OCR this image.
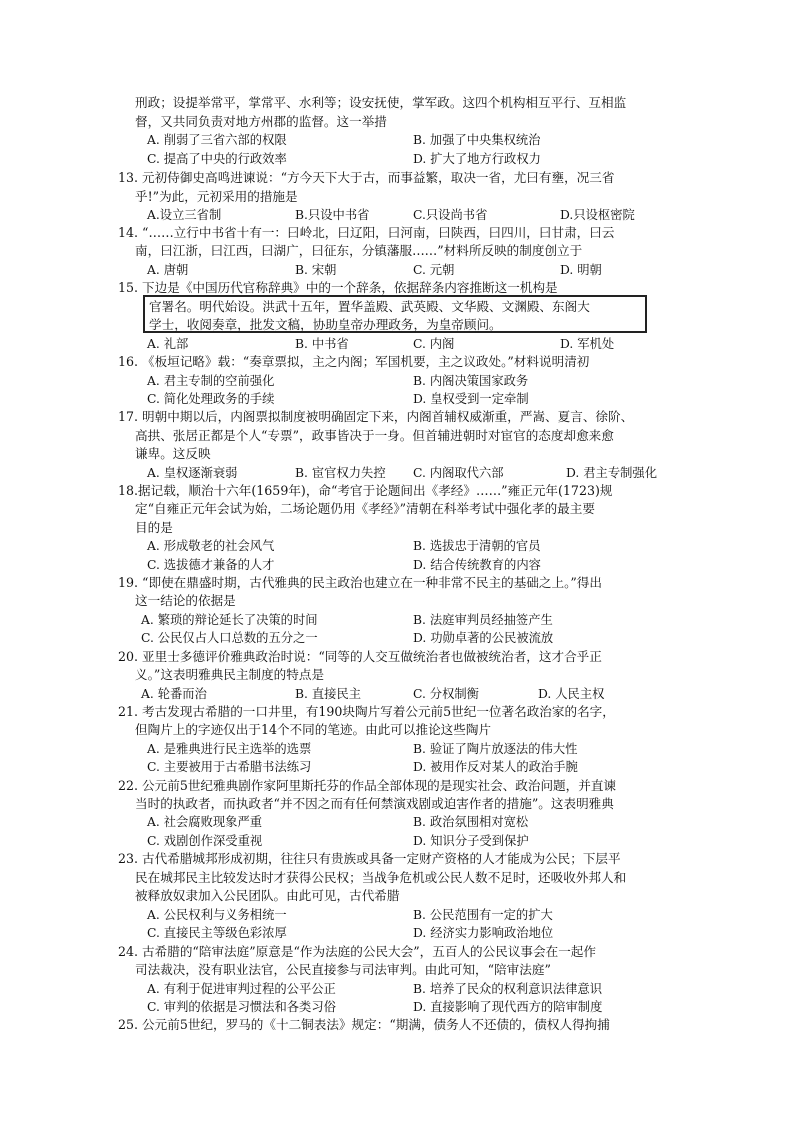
刑政；设提举常平，掌常平、水利等；设安抚使，掌军政。这四个机构相互平行、互相监
督，又共同负责对地方州郡的监督。这一举措
13. 元初侍御史高鸣进谏说：“方今天下大于古，而事益繁，取决一省，尤曰有壅，况三省
乎!”为此，元初采用的措施是
14. “……立行中书省十有一：曰岭北，曰辽阳，曰河南，曰陕西，曰四川，曰甘肃，曰云
南，曰江浙，曰江西，曰湖广，曰征东，分镇藩服……”材料所反映的制度创立于
15. 下边是《中国历代官称辞典》中的一个辞条，依据辞条内容推断这一机构是
官署名。明代始设。洪武十五年，置华盖殿、武英殿、文华殿、文渊殿、东阁大
学士，收阅奏章，批发文稿，协助皇帝办理政务，为皇帝顾问。
16. 《板垣记略》载：“奏章票拟，主之内阁；军国机要，主之议政处。”材料说明清初
17. 明朝中期以后，内阁票拟制度被明确固定下来，内阁首辅权威渐重，严嵩、夏言、徐阶、
高拱、张居正都是个人“专票”，政事皆决于一身。但首辅进朝时对宦官的态度却愈来愈
谦卑。这反映
18.据记载，顺治十六年(1659年)，命“考官于论题间出《孝经》……”雍正元年(1723)规
定“自雍正元年会试为始，二场论题仍用《孝经》”清朝在科举考试中强化孝的最主要
目的是
19. “即使在鼎盛时期，古代雅典的民主政治也建立在一种非常不民主的基础之上。”得出
这一结论的依据是
20. 亚里士多德评价雅典政治时说：“同等的人交互做统治者也做被统治者，这才合乎正
义。”这表明雅典民主制度的特点是
21. 考古发现古希腊的一口井里，有190块陶片写着公元前5世纪一位著名政治家的名字，
但陶片上的字迹仅出于14个不同的笔迹。由此可以推论这些陶片
22. 公元前5世纪雅典剧作家阿里斯托芬的作品全部体现的是现实社会、政治问题，并直谏
当时的执政者，而执政者“并不因之而有任何禁演戏剧或迫害作者的措施”。这表明雅典
23. 古代希腊城邦形成初期，往往只有贵族或具备一定财产资格的人才能成为公民；下层平
民在城邦民主比较发达时才获得公民权；当战争危机或公民人数不足时，还吸收外邦人和
被释放奴隶加入公民团队。由此可见，古代希腊
24. 古希腊的“陪审法庭”原意是“作为法庭的公民大会”，五百人的公民议事会在一起作
司法裁决，没有职业法官，公民直接参与司法审判。由此可知，“陪审法庭”
25. 公元前5世纪，罗马的《十二铜表法》规定：“期满，债务人不还债的，债权人得拘捕
A. 削弱了三省六部的权限	B. 加强了中央集权统治
C. 提高了中央的行政效率	D. 扩大了地方行政权力
A.设立三省制	B.只设中书省	C.只设尚书省	D.只设枢密院
A. 唐朝	B. 宋朝	C. 元朝	D. 明朝
A. 礼部	B. 中书省	C. 内阁	D. 军机处
A. 君主专制的空前强化	B. 内阁决策国家政务
C. 简化处理政务的手续	D. 皇权受到一定牵制
A. 皇权逐渐衰弱	B. 宦官权力失控 C. 内阁取代六部	D. 君主专制强化
A. 形成敬老的社会风气	B. 选拔忠于清朝的官员
C. 选拔德才兼备的人才	D. 结合传统教育的内容
A. 繁琐的辩论延长了决策的时间	B. 法庭审判员经抽签产生
C. 公民仅占人口总数的五分之一	D. 功勋卓著的公民被流放
A. 轮番而治	B. 直接民主	C. 分权制衡	D. 人民主权
A. 是雅典进行民主选举的选票	B. 验证了陶片放逐法的伟大性
C. 主要被用于古希腊书法练习	D. 被用作反对某人的政治手腕
A. 社会腐败现象严重	B. 政治氛围相对宽松
C. 戏剧创作深受重视	D. 知识分子受到保护
A. 公民权利与义务相统一	B. 公民范围有一定的扩大
C. 直接民主等级色彩浓厚	D. 经济实力影响政治地位
A. 有利于促进审判过程的公平公正	B. 培养了民众的权利意识法律意识
C. 审判的依据是习惯法和各类习俗	D. 直接影响了现代西方的陪审制度
